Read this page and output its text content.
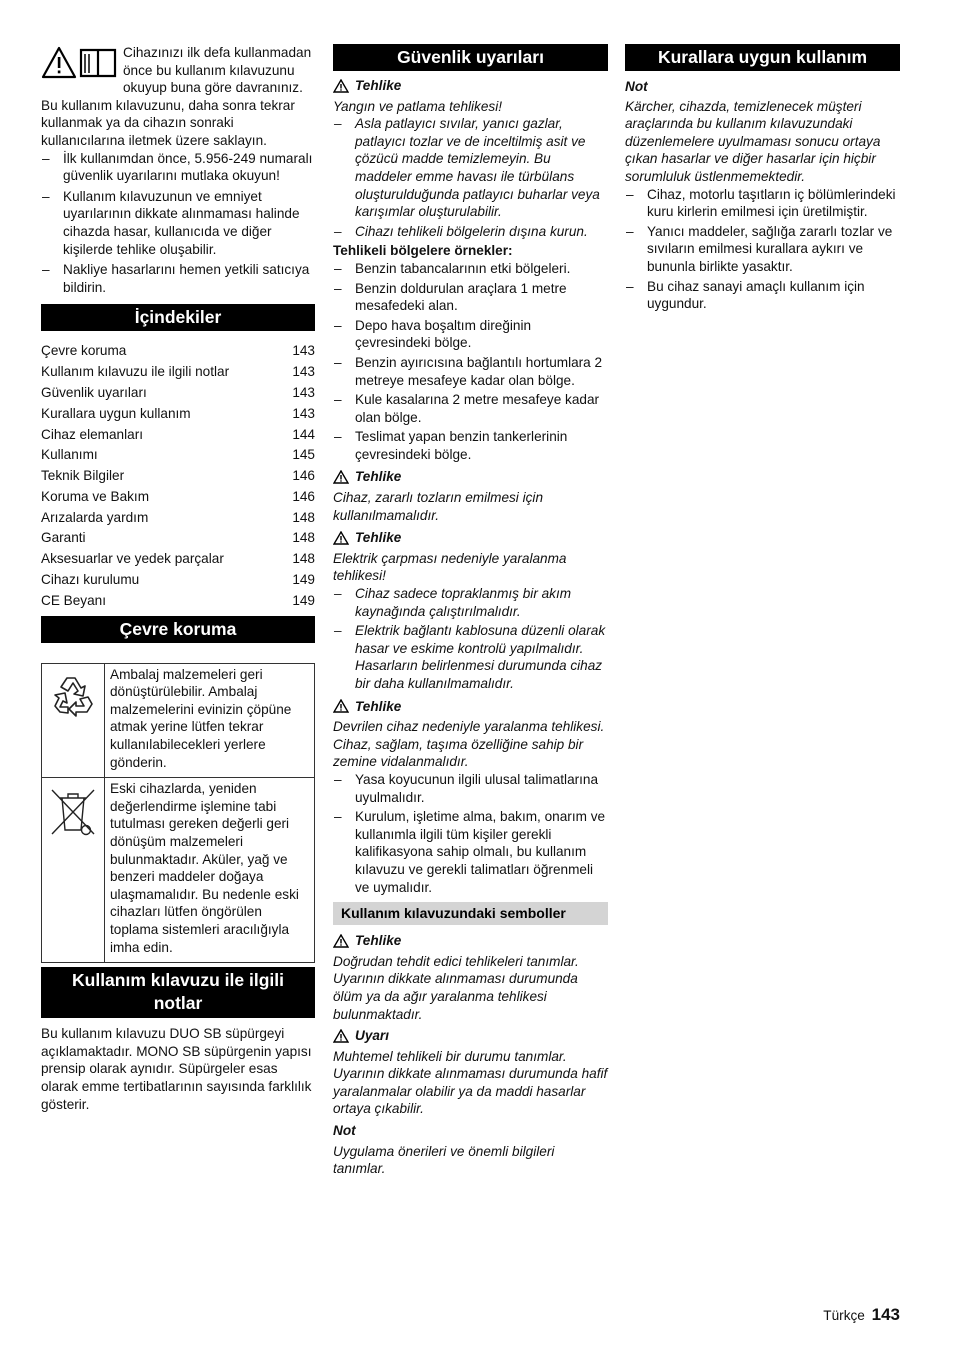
Cihazınızı ilk defa kullanmadan önce bu kullanım kılavuzunu okuyup buna göre davranınız. Bu kullanım kılavuzunu, daha sonra tekrar kullanmak ya da cihazın sonraki kullanıcılarına iletmek üzere saklayın.

– İlk kullanımdan önce, 5.956-249 numaralı güvenlik uyarılarını mutlaka okuyun!
– Kullanım kılavuzunun ve emniyet uyarılarının dikkate alınmaması halinde cihazda hasar, kullanıcıda ve diğer kişilerde tehlike oluşabilir.
– Nakliye hasarlarını hemen yetkili satıcıya bildirin.
İçindekiler
Çevre koruma	143
Kullanım kılavuzu ile ilgili notlar	143
Güvenlik uyarıları	143
Kurallara uygun kullanım	143
Cihaz elemanları	144
Kullanımı	145
Teknik Bilgiler	146
Koruma ve Bakım	146
Arızalarda yardım	148
Garanti	148
Aksesuarlar ve yedek parçalar	148
Cihazı kurulumu	149
CE Beyanı	149
Çevre koruma
	Ambalaj malzemeleri geri dönüştürülebilir. Ambalaj malzemelerini evinizin çöpüne atmak yerine lütfen tekrar kullanılabilecekleri yerlere gönderin.
	Eski cihazlarda, yeniden değerlendirme işlemine tabi tutulması gereken değerli geri dönüşüm malzemeleri bulunmaktadır. Aküler, yağ ve benzeri maddeler doğaya ulaşmamalıdır. Bu nedenle eski cihazları lütfen öngörülen toplama sistemleri aracılığıyla imha edin.
Kullanım kılavuzu ile ilgili
notlar

Bu kullanım kılavuzu DUO SB süpürgeyi açıklamaktadır. MONO SB süpürgenin yapısı prensip olarak aynıdır. Süpürgeler esas olarak emme tertibatlarının sayısında farklılık gösterir.

Güvenlik uyarıları
Tehlike

Yangın ve patlama tehlikesi!

– Asla patlayıcı sıvılar, yanıcı gazlar, patlayıcı tozlar ve de inceltilmiş asit ve çözücü madde temizlemeyin. Bu maddeler emme havası ile türbülans oluşturulduğunda patlayıcı buharlar veya karışımlar oluşturulabilir.
– Cihazı tehlikeli bölgelerin dışına kurun.

Tehlikeli bölgelere örnekler:

– Benzin tabancalarının etki bölgeleri.
– Benzin doldurulan araçlara 1 metre mesafedeki alan.
– Depo hava boşaltım direğinin çevresindeki bölge.
– Benzin ayırıcısına bağlantılı hortumlara 2 metreye mesafeye kadar olan bölge.
– Kule kasalarına 2 metre mesafeye kadar olan bölge.
– Teslimat yapan benzin tankerlerinin çevresindeki bölge.
Tehlike

Cihaz, zararlı tozların emilmesi için kullanılmamalıdır.

Tehlike

Elektrik çarpması nedeniyle yaralanma tehlikesi!

– Cihaz sadece topraklanmış bir akım kaynağında çalıştırılmalıdır.
– Elektrik bağlantı kablosuna düzenli olarak hasar ve eskime kontrolü yapılmalıdır. Hasarların belirlenmesi durumunda cihaz bir daha kullanılmamalıdır.
Tehlike

Devrilen cihaz nedeniyle yaralanma tehlikesi. Cihaz, sağlam, taşıma özelliğine sahip bir zemine vidalanmalıdır.

– Yasa koyucunun ilgili ulusal talimatlarına uyulmalıdır.
– Kurulum, işletime alma, bakım, onarım ve kullanımla ilgili tüm kişiler gerekli kalifikasyona sahip olmalı, bu kullanım kılavuzu ve gerekli talimatları öğrenmeli ve uymalıdır.
Kullanım kılavuzundaki semboller
Tehlike

Doğrudan tehdit edici tehlikeleri tanımlar. Uyarının dikkate alınmaması durumunda ölüm ya da ağır yaralanma tehlikesi bulunmaktadır.

Uyarı

Muhtemel tehlikeli bir durumu tanımlar. Uyarının dikkate alınmaması durumunda hafif yaralanmalar olabilir ya da maddi hasarlar ortaya çıkabilir.

Not

Uygulama önerileri ve önemli bilgileri tanımlar.

Kurallara uygun kullanım

Not

Kärcher, cihazda, temizlenecek müşteri araçlarında bu kullanım kılavuzundaki düzenlemelere uyulmaması sonucu ortaya çıkan hasarlar ve diğer hasarlar için hiçbir sorumluluk üstlenmemektedir.

– Cihaz, motorlu taşıtların iç bölümlerindeki kuru kirlerin emilmesi için üretilmiştir.
– Yanıcı maddeler, sağlığa zararlı tozlar ve sıvıların emilmesi kurallara aykırı ve bununla birlikte yasaktır.
– Bu cihaz sanayi amaçlı kullanım için uygundur.
Türkçe 143
